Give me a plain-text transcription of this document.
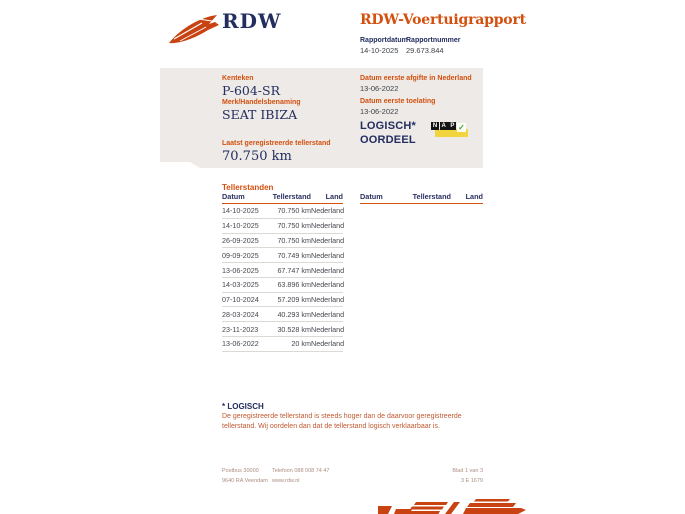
RDW	RDW-Voertuigrapport
Rapportdatum
14-10-2025
Rapportnummer
29.673.844
Kenteken
P-604-SR
Merk/Handelsbenaming
SEAT IBIZA
Laatst geregistreerde tellerstand
70.750 km
Datum eerste afgifte in Nederland
13-06-2022
Datum eerste toelating
13-06-2022
LOGISCH*
OORDEEL
N A P ✓
Tellerstanden
Datum	Tellerstand	Land
14-10-2025	70.750 km	Nederland
14-10-2025	70.750 km	Nederland
26-09-2025	70.750 km	Nederland
09-09-2025	70.749 km	Nederland
13-06-2025	67.747 km	Nederland
14-03-2025	63.896 km	Nederland
07-10-2024	57.209 km	Nederland
28-03-2024	40.293 km	Nederland
23-11-2023	30.528 km	Nederland
13-06-2022	20 km	Nederland
Datum	Tellerstand	Land
* LOGISCH
De geregistreerde tellerstand is steeds hoger dan de daarvoor geregistreerde tellerstand. Wij oordelen dan dat de tellerstand logisch verklaarbaar is.
Postbus 30000
9640 RA Veendam
Telefoon 088 008 74 47
www.rdw.nl
Blad 1 van 3
3 E 1679
